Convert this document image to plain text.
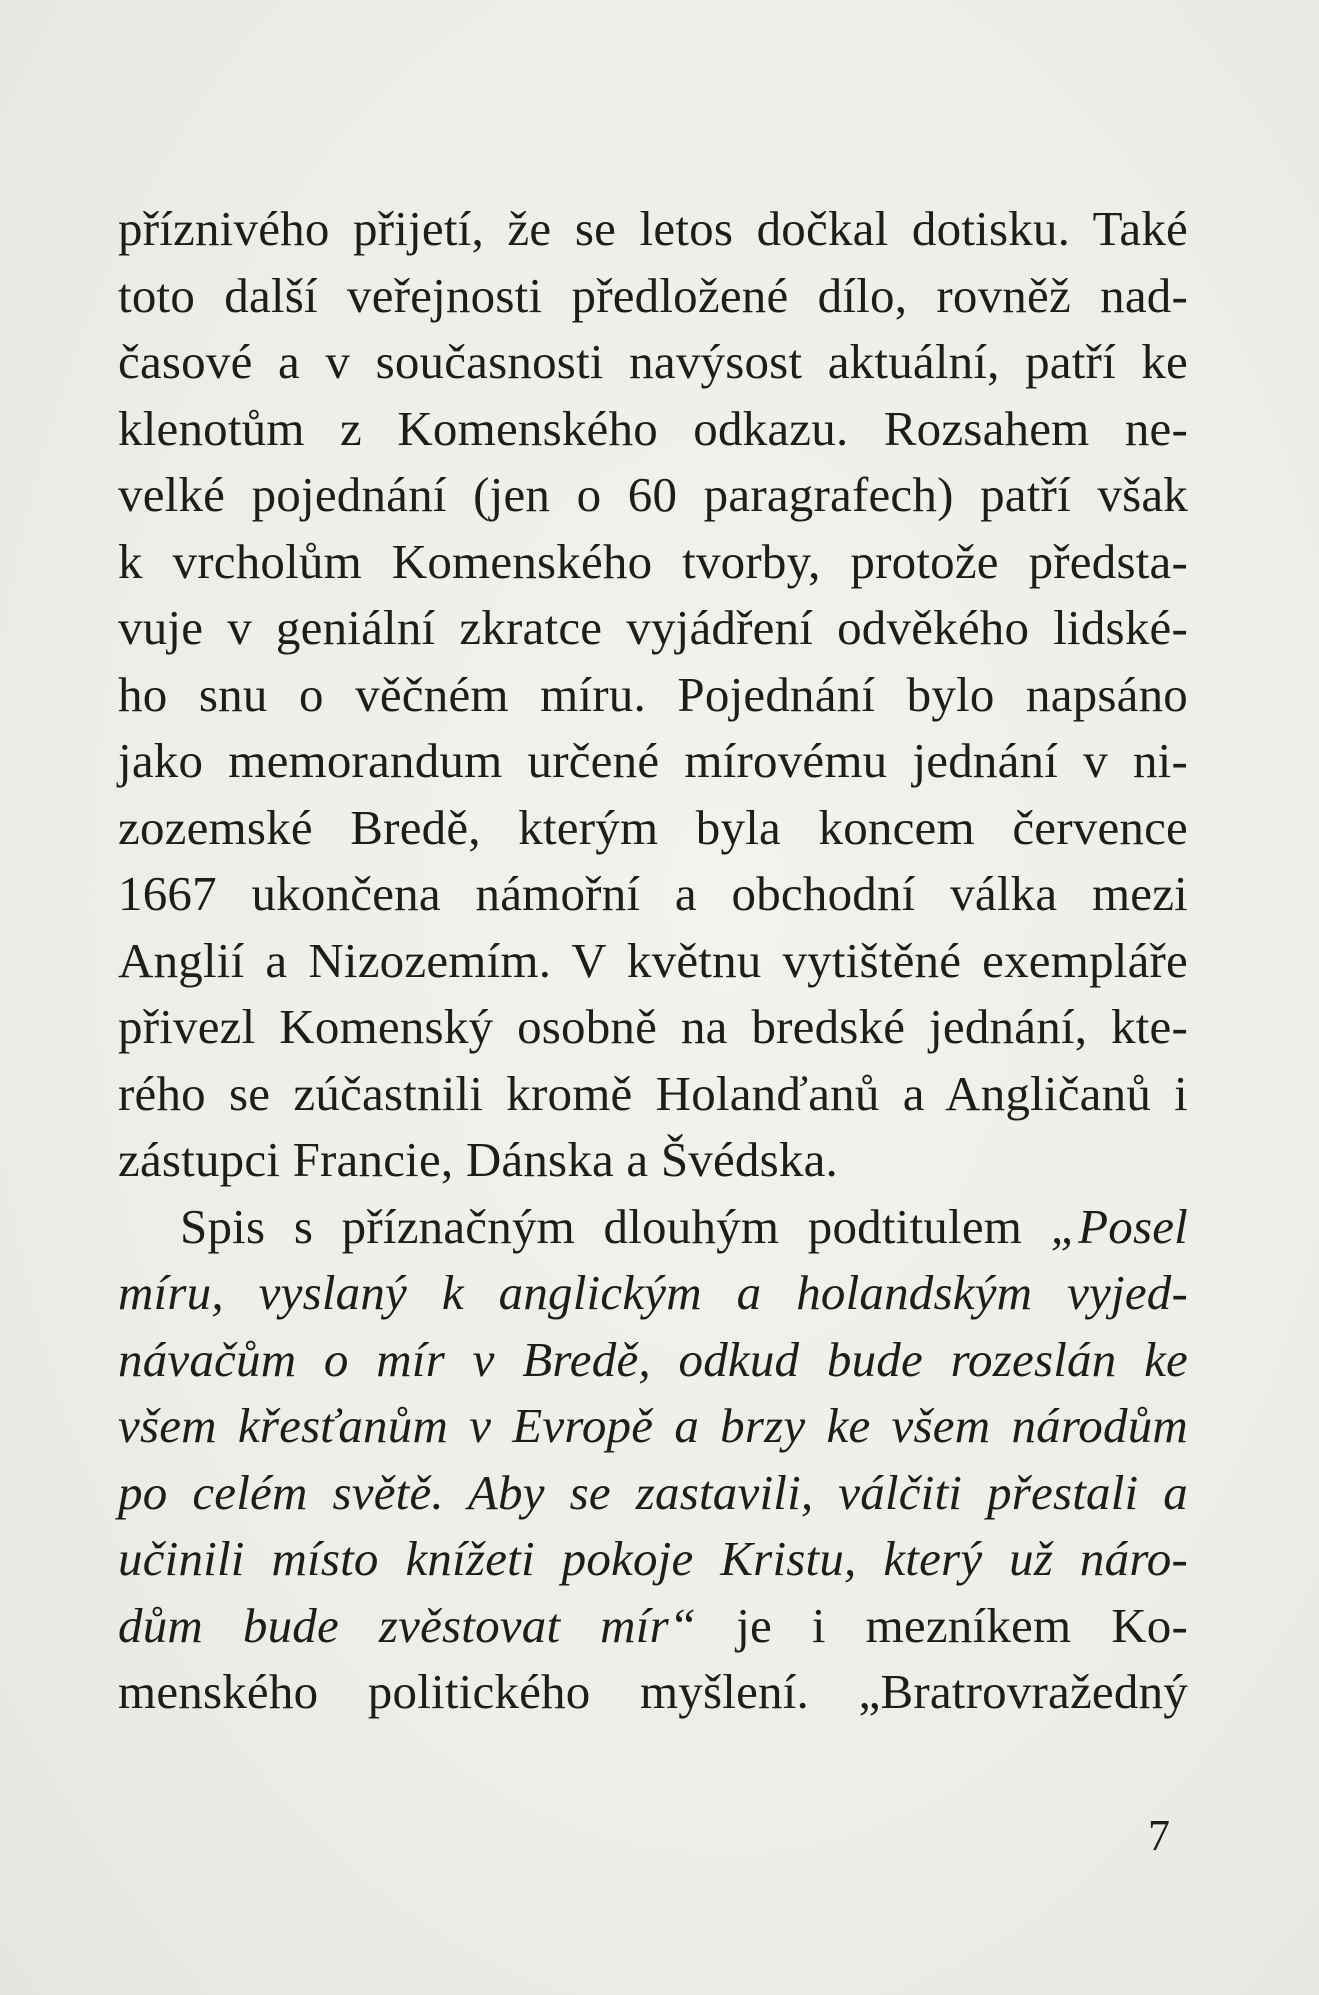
příznivého přijetí, že se letos dočkal dotisku. Také
toto další veřejnosti předložené dílo, rovněž nad-
časové a v současnosti navýsost aktuální, patří ke
klenotům z Komenského odkazu. Rozsahem ne-
velké pojednání (jen o 60 paragrafech) patří však
k vrcholům Komenského tvorby, protože předsta-
vuje v geniální zkratce vyjádření odvěkého lidské-
ho snu o věčném míru. Pojednání bylo napsáno
jako memorandum určené mírovému jednání v ni-
zozemské Bredě, kterým byla koncem července
1667 ukončena námořní a obchodní válka mezi
Anglií a Nizozemím. V květnu vytištěné exempláře
přivezl Komenský osobně na bredské jednání, kte-
rého se zúčastnili kromě Holanďanů a Angličanů i
zástupci Francie, Dánska a Švédska.
Spis s příznačným dlouhým podtitulem „Posel
míru, vyslaný k anglickým a holandským vyjed-
návačům o mír v Bredě, odkud bude rozeslán ke
všem křesťanům v Evropě a brzy ke všem národům
po celém světě. Aby se zastavili, válčiti přestali a
učinili místo knížeti pokoje Kristu, který už náro-
dům bude zvěstovat mír“ je i mezníkem Ko-
menského politického myšlení. „Bratrovražedný
7
